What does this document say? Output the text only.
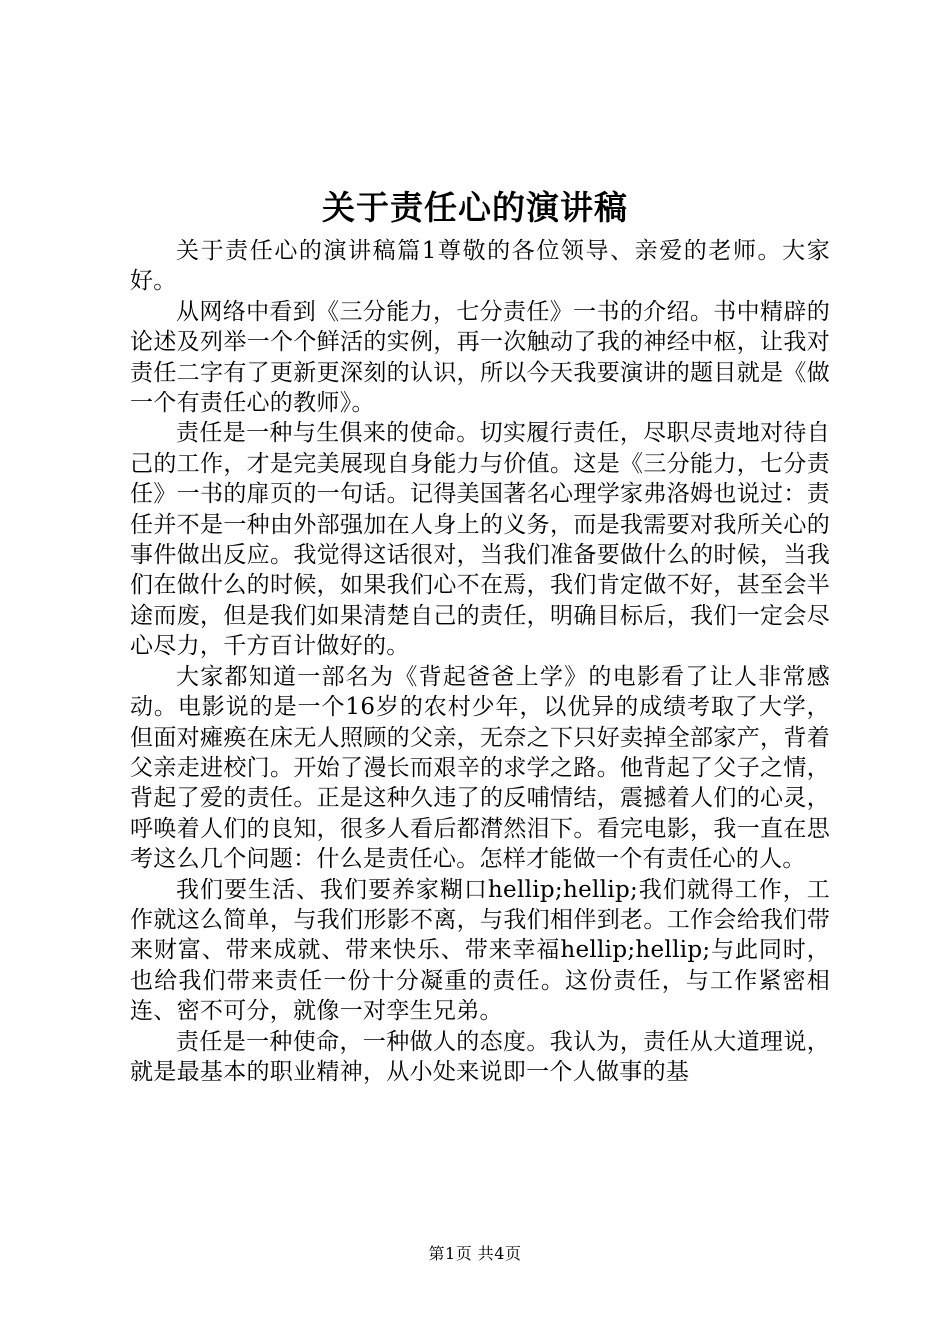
关于责任心的演讲稿

关于责任心的演讲稿篇1尊敬的各位领导、亲爱的老师。大家好。

从网络中看到《三分能力，七分责任》一书的介绍。书中精辟的论述及列举一个个鲜活的实例，再一次触动了我的神经中枢，让我对责任二字有了更新更深刻的认识，所以今天我要演讲的题目就是《做一个有责任心的教师》。

责任是一种与生俱来的使命。切实履行责任，尽职尽责地对待自己的工作，才是完美展现自身能力与价值。这是《三分能力，七分责任》一书的扉页的一句话。记得美国著名心理学家弗洛姆也说过：责任并不是一种由外部强加在人身上的义务，而是我需要对我所关心的事件做出反应。我觉得这话很对，当我们准备要做什么的时候，当我们在做什么的时候，如果我们心不在焉，我们肯定做不好，甚至会半途而废，但是我们如果清楚自己的责任，明确目标后，我们一定会尽心尽力，千方百计做好的。

大家都知道一部名为《背起爸爸上学》的电影看了让人非常感动。电影说的是一个16岁的农村少年，以优异的成绩考取了大学，但面对瘫痪在床无人照顾的父亲，无奈之下只好卖掉全部家产，背着父亲走进校门。开始了漫长而艰辛的求学之路。他背起了父子之情，背起了爱的责任。正是这种久违了的反哺情结，震撼着人们的心灵，呼唤着人们的良知，很多人看后都潸然泪下。看完电影，我一直在思考这么几个问题：什么是责任心。怎样才能做一个有责任心的人。

我们要生活、我们要养家糊口hellip;hellip;我们就得工作，工作就这么简单，与我们形影不离，与我们相伴到老。工作会给我们带来财富、带来成就、带来快乐、带来幸福hellip;hellip;与此同时，也给我们带来责任一份十分凝重的责任。这份责任，与工作紧密相连、密不可分，就像一对孪生兄弟。

责任是一种使命，一种做人的态度。我认为，责任从大道理说，就是最基本的职业精神，从小处来说即一个人做事的基

第1页 共4页
